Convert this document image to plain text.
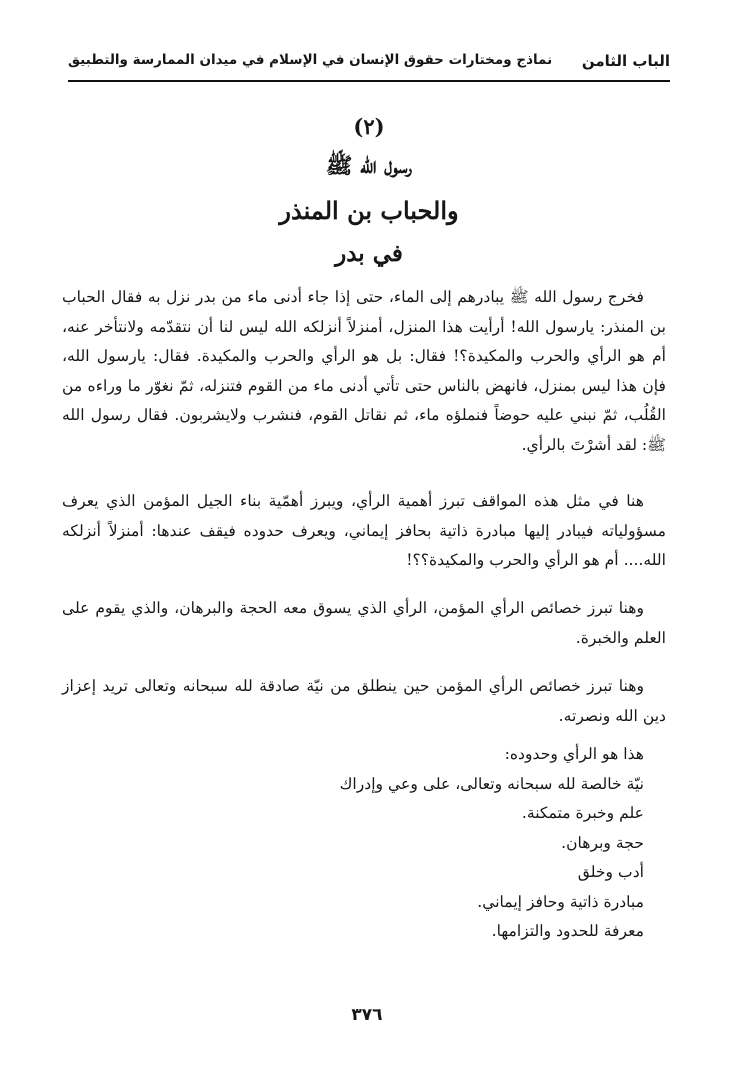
الباب الثامن
نماذج ومختارات حقوق الإنسان في الإسلام في ميدان الممارسة والتطبيق
(٢)
رسول الله ﷺ
والحباب بن المنذر
في بدر

فخرج رسول الله ﷺ يبادرهم إلى الماء، حتى إذا جاء أدنى ماء من بدر نزل به فقال الحباب بن المنذر: يارسول الله! أرأيت هذا المنزل، أمنزلاً أنزلكه الله ليس لنا أن نتقدّمه ولانتأخر عنه، أم هو الرأي والحرب والمكيدة؟! فقال: بل هو الرأي والحرب والمكيدة. فقال: يارسول الله، فإن هذا ليس بمنزل، فانهض بالناس حتى تأتي أدنى ماء من القوم فتنزله، ثمّ نغوّر ما وراءه من القُلُب، ثمّ نبني عليه حوضاً فنملؤه ماء، ثم نقاتل القوم، فنشرب ولايشربون. فقال رسول الله ﷺ: لقد أشرْتَ بالرأي.

هنا في مثل هذه المواقف تبرز أهمية الرأي، ويبرز أهمّية بناء الجيل المؤمن الذي يعرف مسؤولياته فيبادر إليها مبادرة ذاتية بحافز إيماني، ويعرف حدوده فيقف عندها: أمنزلاً أنزلكه الله.... أم هو الرأي والحرب والمكيدة؟؟!

وهنا تبرز خصائص الرأي المؤمن، الرأي الذي يسوق معه الحجة والبرهان، والذي يقوم على العلم والخبرة.

وهنا تبرز خصائص الرأي المؤمن حين ينطلق من نيّة صادقة لله سبحانه وتعالى تريد إعزاز دين الله ونصرته.

هذا هو الرأي وحدوده:
نيّة خالصة لله سبحانه وتعالى، على وعي وإدراك
علم وخبرة متمكنة.
حجة وبرهان.
أدب وخلق
مبادرة ذاتية وحافز إيماني.
معرفة للحدود والتزامها.
٣٧٦
